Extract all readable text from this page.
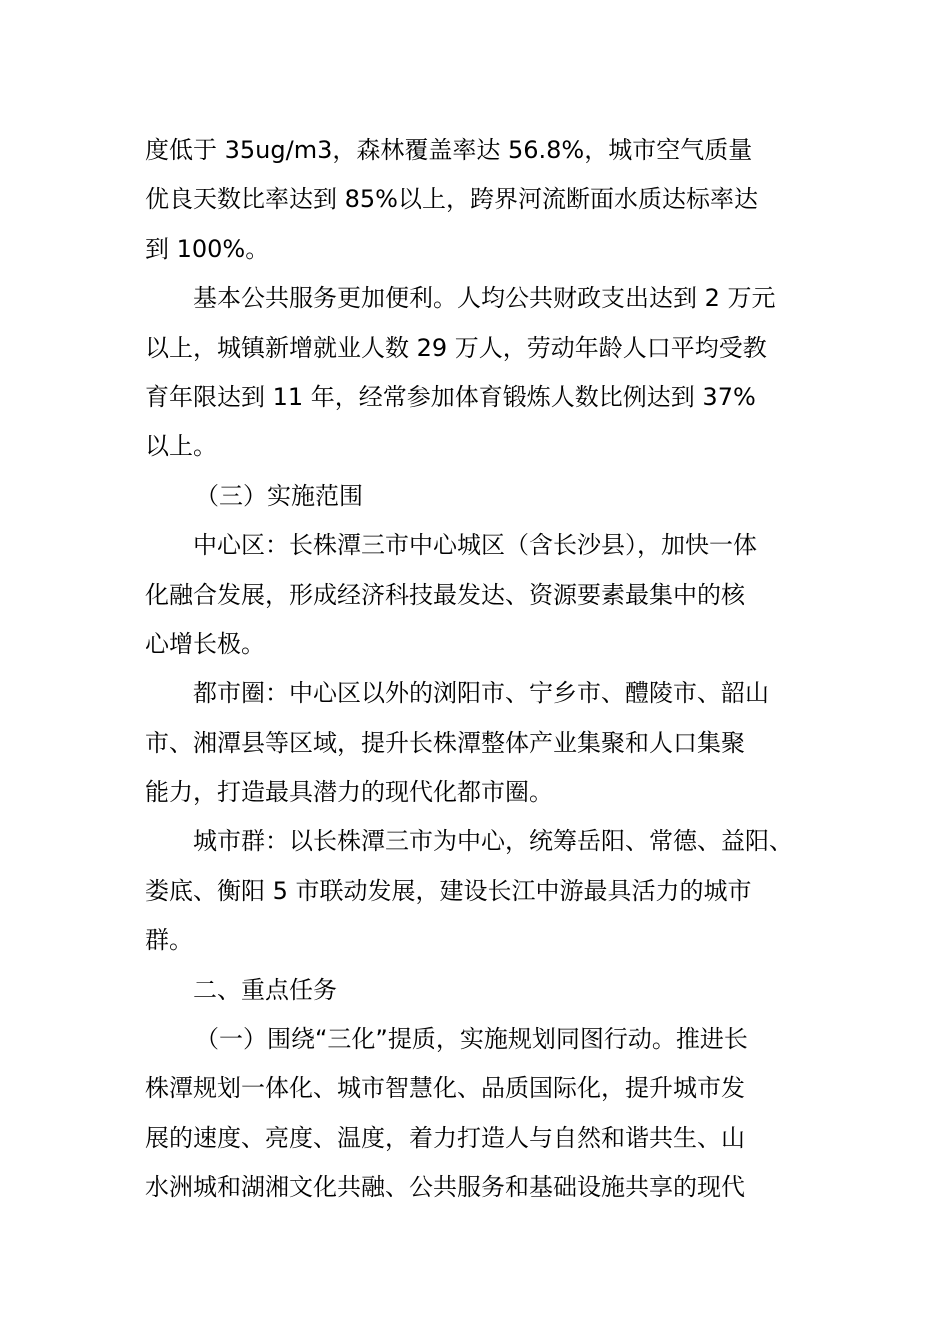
度低于 35ug/m3，森林覆盖率达 56.8%，城市空气质量
优良天数比率达到 85%以上，跨界河流断面水质达标率达
到 100%。
基本公共服务更加便利。人均公共财政支出达到 2 万元
以上，城镇新增就业人数 29 万人，劳动年龄人口平均受教
育年限达到 11 年，经常参加体育锻炼人数比例达到 37%
以上。
（三）实施范围
中心区：长株潭三市中心城区（含长沙县），加快一体
化融合发展，形成经济科技最发达、资源要素最集中的核
心增长极。
都市圈：中心区以外的浏阳市、宁乡市、醴陵市、韶山
市、湘潭县等区域，提升长株潭整体产业集聚和人口集聚
能力，打造最具潜力的现代化都市圈。
城市群：以长株潭三市为中心，统筹岳阳、常德、益阳、
娄底、衡阳 5 市联动发展，建设长江中游最具活力的城市
群。
二、重点任务
（一）围绕“三化”提质，实施规划同图行动。推进长
株潭规划一体化、城市智慧化、品质国际化，提升城市发
展的速度、亮度、温度，着力打造人与自然和谐共生、山
水洲城和湖湘文化共融、公共服务和基础设施共享的现代
